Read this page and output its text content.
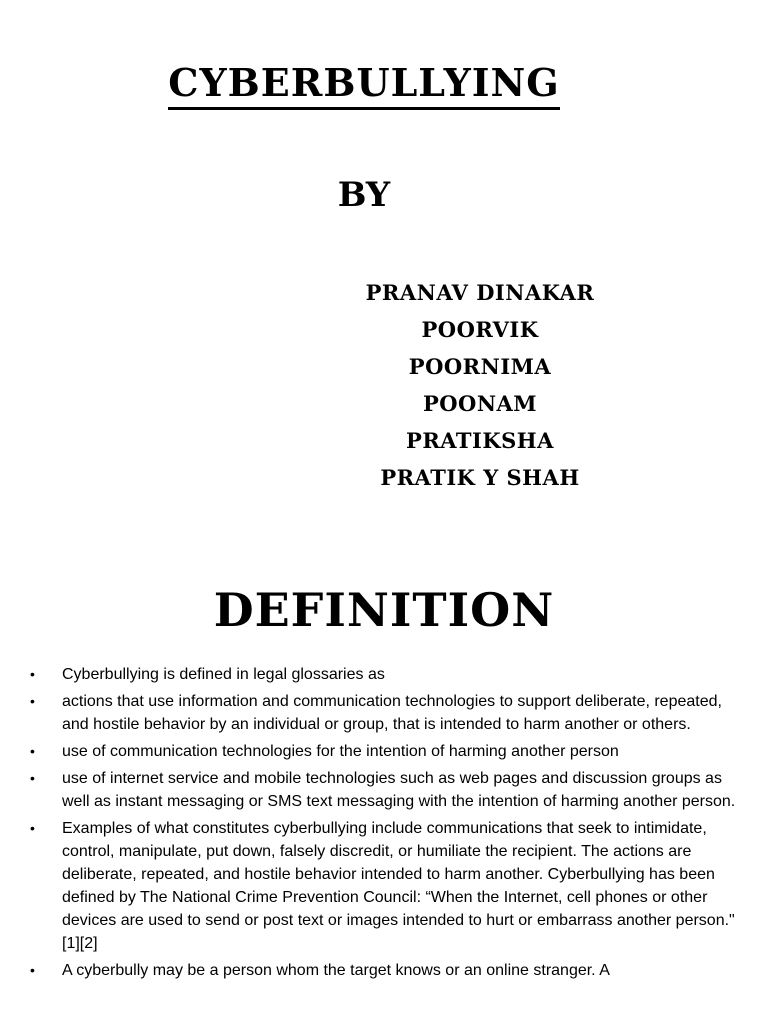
CYBERBULLYING
BY
PRANAV DINAKAR
POORVIK
POORNIMA
POONAM
PRATIKSHA
PRATIK Y SHAH
DEFINITION
• Cyberbullying is defined in legal glossaries as
• actions that use information and communication technologies to support deliberate, repeated, and hostile behavior by an individual or group, that is intended to harm another or others.
• use of communication technologies for the intention of harming another person
• use of internet service and mobile technologies such as web pages and discussion groups as well as instant messaging or SMS text messaging with the intention of harming another person.
• Examples of what constitutes cyberbullying include communications that seek to intimidate, control, manipulate, put down, falsely discredit, or humiliate the recipient. The actions are deliberate, repeated, and hostile behavior intended to harm another. Cyberbullying has been defined by The National Crime Prevention Council: “When the Internet, cell phones or other devices are used to send or post text or images intended to hurt or embarrass another person."[1][2]
• A cyberbully may be a person whom the target knows or an online stranger. A
